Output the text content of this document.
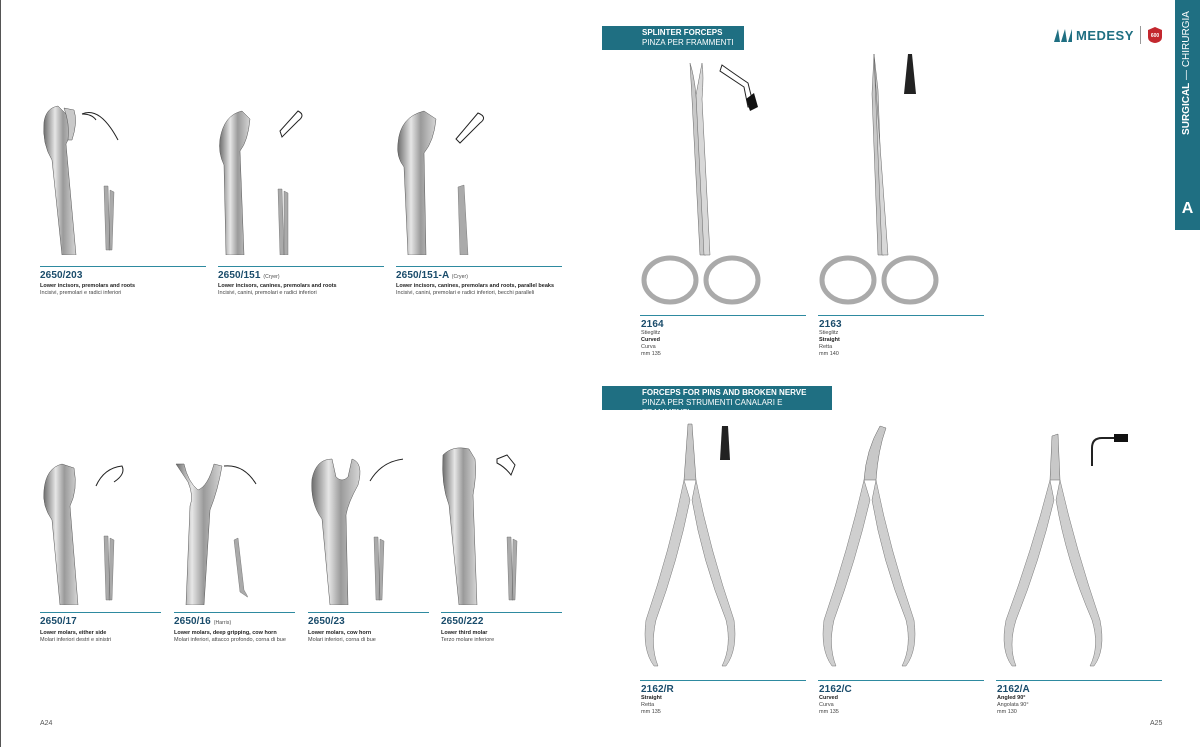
2650/203
Lower incisors, premolars and roots
Incisivi, premolari e radici inferiori
2650/151 (Cryer)
Lower incisors, canines, premolars and roots
Incisivi, canini, premolari e radici inferiori
2650/151-A (Cryer)
Lower incisors, canines, premolars and roots, parallel beaks
Incisivi, canini, premolari e radici inferiori, becchi paralleli
2650/17
Lower molars, either side
Molari inferiori destri e sinistri
2650/16 (Harris)
Lower molars, deep gripping, cow horn
Molari inferiori, attacco profondo, corna di bue
2650/23
Lower molars, cow horn
Molari inferiori, corna di bue
2650/222
Lower third molar
Terzo molare inferiore
A24
MEDESY	600
SURGICAL — CHIRURGIA
A
SPLINTER FORCEPS
PINZA PER FRAMMENTI
2164
Stieglitz
Curved
Curva
mm 135
2163
Stieglitz
Straight
Retta
mm 140
FORCEPS FOR PINS AND BROKEN NERVE
PINZA PER STRUMENTI CANALARI E FRAMMENTI
2162/R
Straight
Retta
mm 135
2162/C
Curved
Curva
mm 135
2162/A
Angled 90°
Angolata 90°
mm 130
A25
